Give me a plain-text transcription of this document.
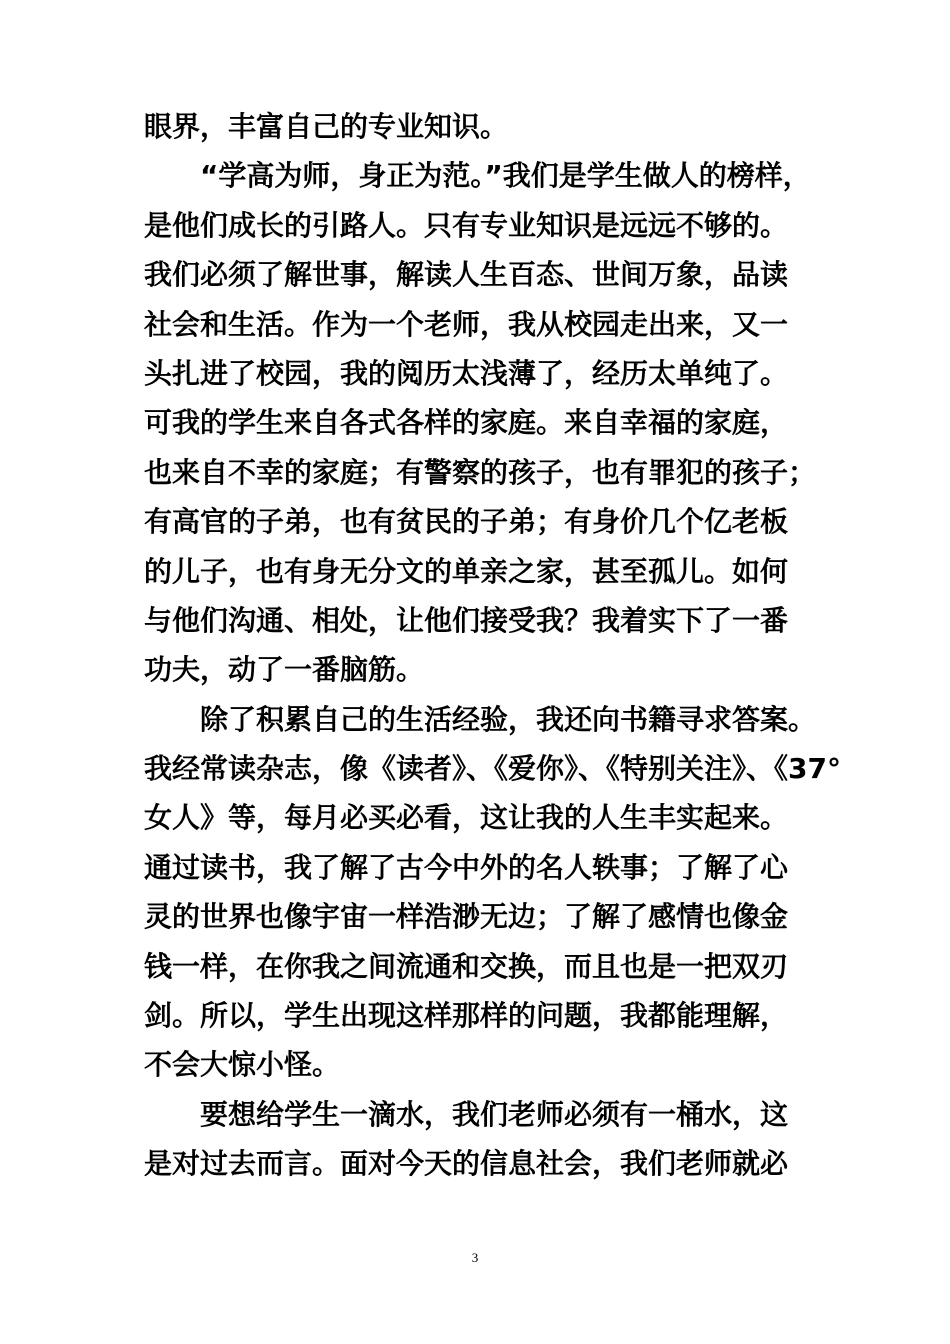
眼界，丰富自己的专业知识。
“学高为师，身正为范。”我们是学生做人的榜样，
是他们成长的引路人。只有专业知识是远远不够的。
我们必须了解世事，解读人生百态、世间万象，品读
社会和生活。作为一个老师，我从校园走出来，又一
头扎进了校园，我的阅历太浅薄了，经历太单纯了。
可我的学生来自各式各样的家庭。来自幸福的家庭，
也来自不幸的家庭；有警察的孩子，也有罪犯的孩子；
有高官的子弟，也有贫民的子弟；有身价几个亿老板
的儿子，也有身无分文的单亲之家，甚至孤儿。如何
与他们沟通、相处，让他们接受我？我着实下了一番
功夫，动了一番脑筋。
除了积累自己的生活经验，我还向书籍寻求答案。
我经常读杂志，像《读者》、《爱你》、《特别关注》、《37°
女人》等，每月必买必看，这让我的人生丰实起来。
通过读书，我了解了古今中外的名人轶事；了解了心
灵的世界也像宇宙一样浩渺无边；了解了感情也像金
钱一样，在你我之间流通和交换，而且也是一把双刃
剑。所以，学生出现这样那样的问题，我都能理解，
不会大惊小怪。
要想给学生一滴水，我们老师必须有一桶水，这
是对过去而言。面对今天的信息社会，我们老师就必
3
